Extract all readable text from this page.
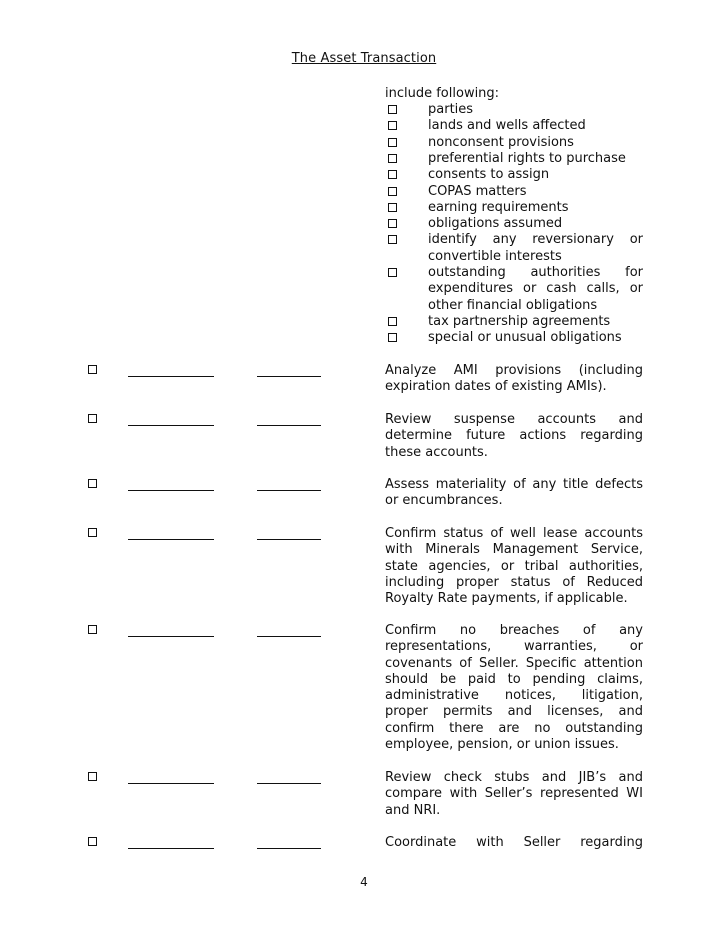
The Asset Transaction
include following:
parties
lands and wells affected
nonconsent provisions
preferential rights to purchase
consents to assign
COPAS matters
earning requirements
obligations assumed
identify any reversionary or convertible interests
outstanding authorities for expenditures or cash calls, or other financial obligations
tax partnership agreements
special or unusual obligations
Analyze AMI provisions (including expiration dates of existing AMIs).
Review suspense accounts and determine future actions regarding these accounts.
Assess materiality of any title defects or encumbrances.
Confirm status of well lease accounts with Minerals Management Service, state agencies, or tribal authorities, including proper status of Reduced Royalty Rate payments, if applicable.
Confirm no breaches of any representations, warranties, or covenants of Seller. Specific attention should be paid to pending claims, administrative notices, litigation, proper permits and licenses, and confirm there are no outstanding employee, pension, or union issues.
Review check stubs and JIB’s and compare with Seller’s represented WI and NRI.
Coordinate with Seller regarding
4
